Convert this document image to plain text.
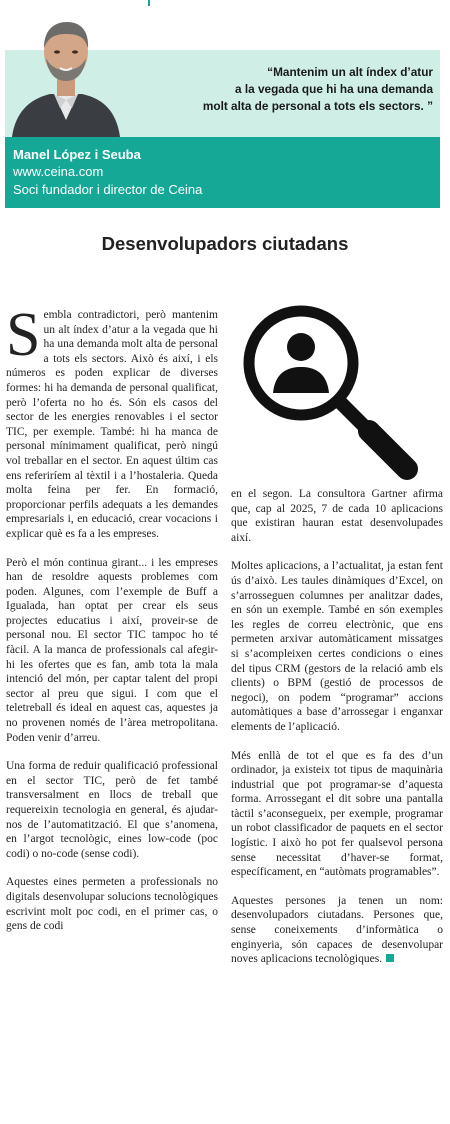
“Mantenim un alt índex d’atur
a la vegada que hi ha una demanda
molt alta de personal a tots els sectors. ”

Manel López i Seuba
www.ceina.com
Soci fundador i director de Ceina
Desenvolupadors ciutadans

Sembla contradictori, però mantenim un alt índex d’atur a la vegada que hi ha una demanda molt alta de personal a tots els sectors. Això és així, i els números es poden explicar de diverses formes: hi ha demanda de personal qualificat, però l’oferta no ho és. Són els casos del sector de les energies renovables i el sector TIC, per exemple. També: hi ha manca de personal mínimament qualificat, però ningú vol treballar en el sector. En aquest últim cas ens referiríem al tèxtil i a l’hostaleria. Queda molta feina per fer. En formació, proporcionar perfils adequats a les demandes empresarials i, en educació, crear vocacions i explicar què es fa a les empreses.

Però el món continua girant... i les empreses han de resoldre aquests problemes com poden. Algunes, com l’exemple de Buff a Igualada, han optat per crear els seus projectes educatius i així, proveir-se de personal nou. El sector TIC tampoc ho té fàcil. A la manca de professionals cal afegir-hi les ofertes que es fan, amb tota la mala intenció del món, per captar talent del propi sector al preu que sigui. I com que el teletreball és ideal en aquest cas, aquestes ja no provenen només de l’àrea metropolitana. Poden venir d’arreu.

Una forma de reduir qualificació professional en el sector TIC, però de fet també transversalment en llocs de treball que requereixin tecnologia en general, és ajudar-nos de l’automatització. El que s’anomena, en l’argot tecnològic, eines low-code (poc codi) o no-code (sense codi).

Aquestes eines permeten a professionals no digitals desenvolupar solucions tecnològiques escrivint molt poc codi, en el primer cas, o gens de codi

en el segon. La consultora Gartner afirma que, cap al 2025, 7 de cada 10 aplicacions que existiran hauran estat desenvolupades així.

Moltes aplicacions, a l’actualitat, ja estan fent ús d’això. Les taules dinàmiques d’Excel, on s’arrosseguen columnes per analitzar dades, en són un exemple. També en són exemples les regles de correu electrònic, que ens permeten arxivar automàticament missatges si s’acompleixen certes condicions o eines del tipus CRM (gestors de la relació amb els clients) o BPM (gestió de processos de negoci), on podem “programar” accions automàtiques a base d’arrossegar i enganxar elements de l’aplicació.

Més enllà de tot el que es fa des d’un ordinador, ja existeix tot tipus de maquinària industrial que pot programar-se d’aquesta forma. Arrossegant el dit sobre una pantalla tàctil s’aconsegueix, per exemple, programar un robot classificador de paquets en el sector logístic. I això ho pot fer qualsevol persona sense necessitat d’haver-se format, específicament, en “autòmats programables”.

Aquestes persones ja tenen un nom: desenvolupadors ciutadans. Persones que, sense coneixements d’informàtica o enginyeria, són capaces de desenvolupar noves aplicacions tecnològiques.
